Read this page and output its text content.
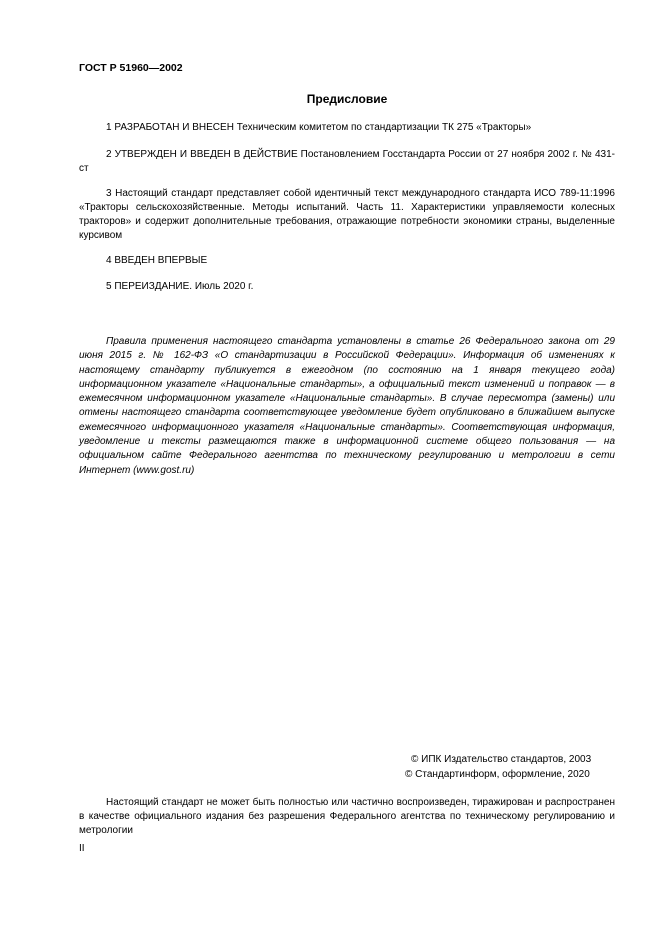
ГОСТ Р 51960—2002
Предисловие

1 РАЗРАБОТАН И ВНЕСЕН Техническим комитетом по стандартизации ТК 275 «Тракторы»

2 УТВЕРЖДЕН И ВВЕДЕН В ДЕЙСТВИЕ Постановлением Госстандарта России от 27 ноября 2002 г. № 431-ст

3 Настоящий стандарт представляет собой идентичный текст международного стандарта ИСО 789-11:1996 «Тракторы сельскохозяйственные. Методы испытаний. Часть 11. Характеристики управляемости колесных тракторов» и содержит дополнительные требования, отражающие потребности экономики страны, выделенные курсивом

4 ВВЕДЕН ВПЕРВЫЕ

5 ПЕРЕИЗДАНИЕ. Июль 2020 г.

Правила применения настоящего стандарта установлены в статье 26 Федерального закона от 29 июня 2015 г. № 162-ФЗ «О стандартизации в Российской Федерации». Информация об изменениях к настоящему стандарту публикуется в ежегодном (по состоянию на 1 января текущего года) информационном указателе «Национальные стандарты», а официальный текст изменений и поправок — в ежемесячном информационном указателе «Национальные стандарты». В случае пересмотра (замены) или отмены настоящего стандарта соответствующее уведомление будет опубликовано в ближайшем выпуске ежемесячного информационного указателя «Национальные стандарты». Соответствующая информация, уведомление и тексты размещаются также в информационной системе общего пользования — на официальном сайте Федерального агентства по техническому регулированию и метрологии в сети Интернет (www.gost.ru)

© ИПК Издательство стандартов, 2003
© Стандартинформ, оформление, 2020

Настоящий стандарт не может быть полностью или частично воспроизведен, тиражирован и распространен в качестве официального издания без разрешения Федерального агентства по техническому регулированию и метрологии

II
